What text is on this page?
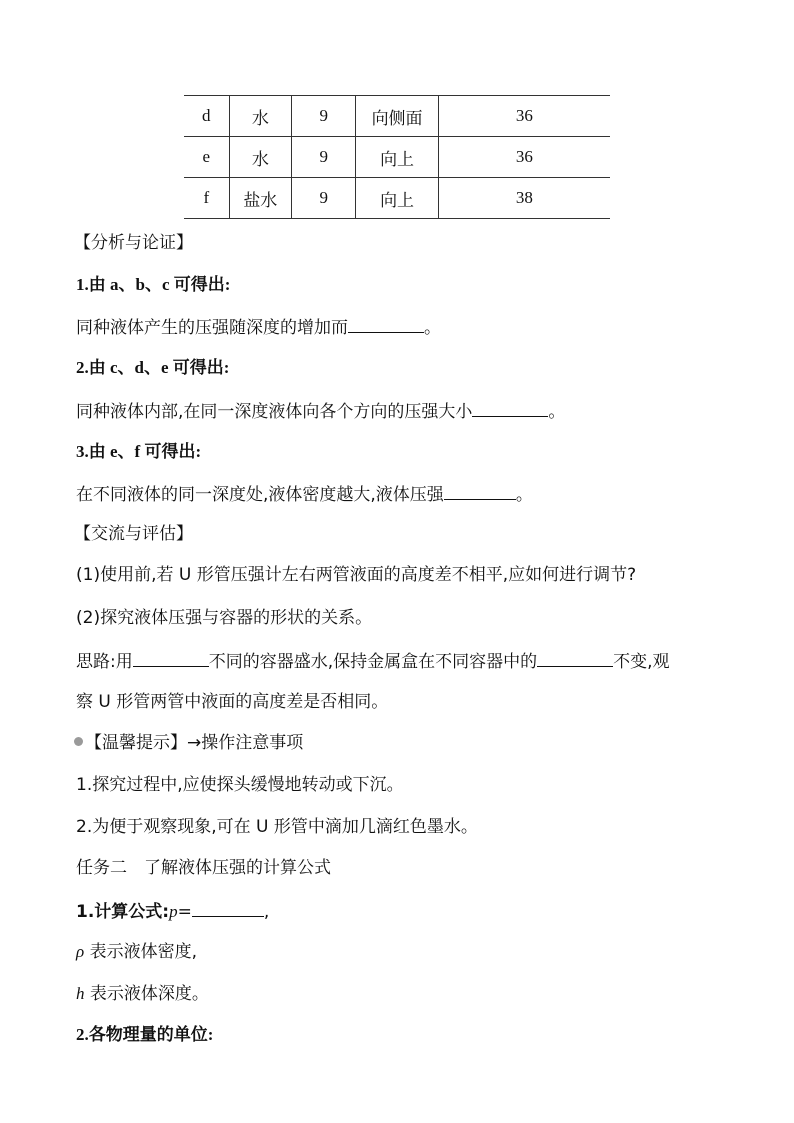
d	水	9	向侧面	36
e	水	9	向上	36
f	盐水	9	向上	38
【分析与论证】
1.由 a、b、c 可得出:
同种液体产生的压强随深度的增加而	。
2.由 c、d、e 可得出:
同种液体内部,在同一深度液体向各个方向的压强大小	。
3.由 e、f 可得出:
在不同液体的同一深度处,液体密度越大,液体压强	。
【交流与评估】
(1)使用前,若 U 形管压强计左右两管液面的高度差不相平,应如何进行调节?
(2)探究液体压强与容器的形状的关系。
思路:用	不同的容器盛水,保持金属盒在不同容器中的	不变,观
察 U 形管两管中液面的高度差是否相同。
【温馨提示】→操作注意事项
1.探究过程中,应使探头缓慢地转动或下沉。
2.为便于观察现象,可在 U 形管中滴加几滴红色墨水。
任务二　了解液体压强的计算公式
1.计算公式:p=	,
ρ 表示液体密度,
h 表示液体深度。
2.各物理量的单位:
